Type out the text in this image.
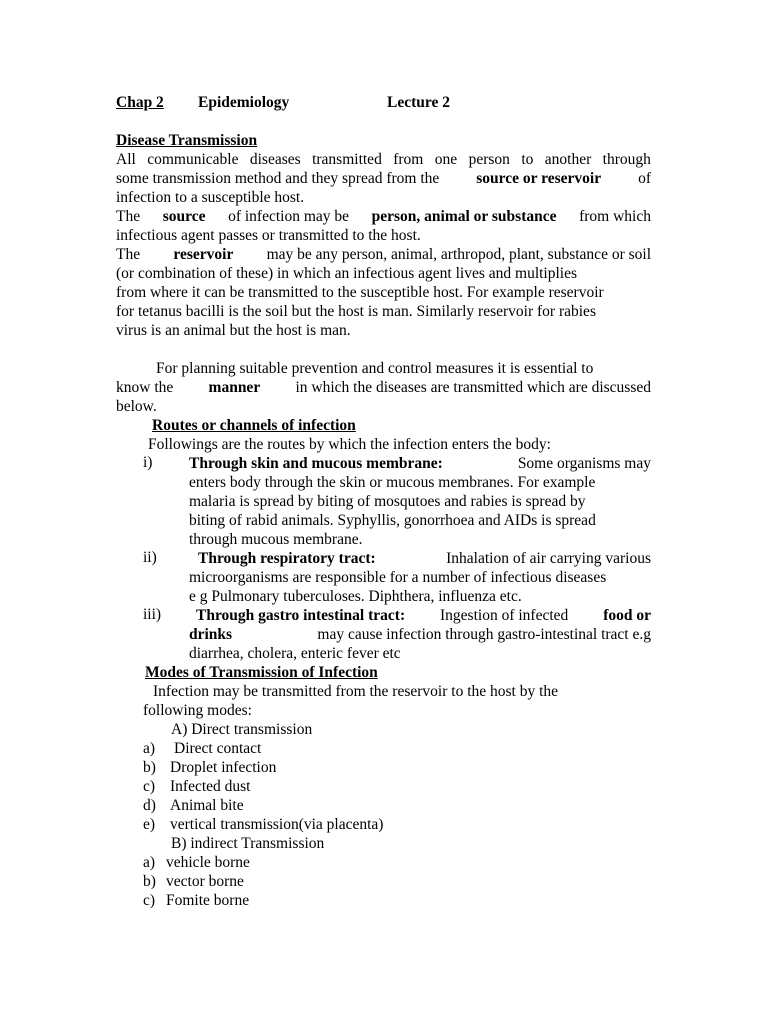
Chap 2 Epidemiology	Lecture 2
Disease Transmission
All communicable diseases transmitted from one person to another through
some transmission method and they spread from the source or reservoir of
infection to a susceptible host.
The source of infection may be person, animal or substance from which
infectious agent passes or transmitted to the host.
The reservoir may be any person, animal, arthropod, plant, substance or soil
(or combination of these) in which an infectious agent lives and multiplies
from where it can be transmitted to the susceptible host. For example reservoir
for tetanus bacilli is the soil but the host is man. Similarly reservoir for rabies
virus is an animal but the host is man.
For planning suitable prevention and control measures it is essential to
know the manner in which the diseases are transmitted which are discussed
below.
Routes or channels of infection
Followings are the routes by which the infection enters the body:
i) Through skin and mucous membrane:	Some organisms may
enters body through the skin or mucous membranes. For example
malaria is spread by biting of mosqutoes and rabies is spread by
biting of rabid animals. Syphyllis, gonorrhoea and AIDs is spread
through mucous membrane.
ii)	Through respiratory tract:	Inhalation of air carrying various
microorganisms are responsible for a number of infectious diseases
e g Pulmonary tuberculoses. Diphthera, influenza etc.
iii) Through gastro intestinal tract: Ingestion of infected food or
drinks	may cause infection through gastro-intestinal tract e.g
diarrhea, cholera, enteric fever etc
Modes of Transmission of Infection
Infection may be transmitted from the reservoir to the host by the
following modes:
A) Direct transmission
a) Direct contact
b) Droplet infection
c) Infected dust
d) Animal bite
e) vertical transmission(via placenta)
B) indirect Transmission
a) vehicle borne
b) vector borne
c) Fomite borne
